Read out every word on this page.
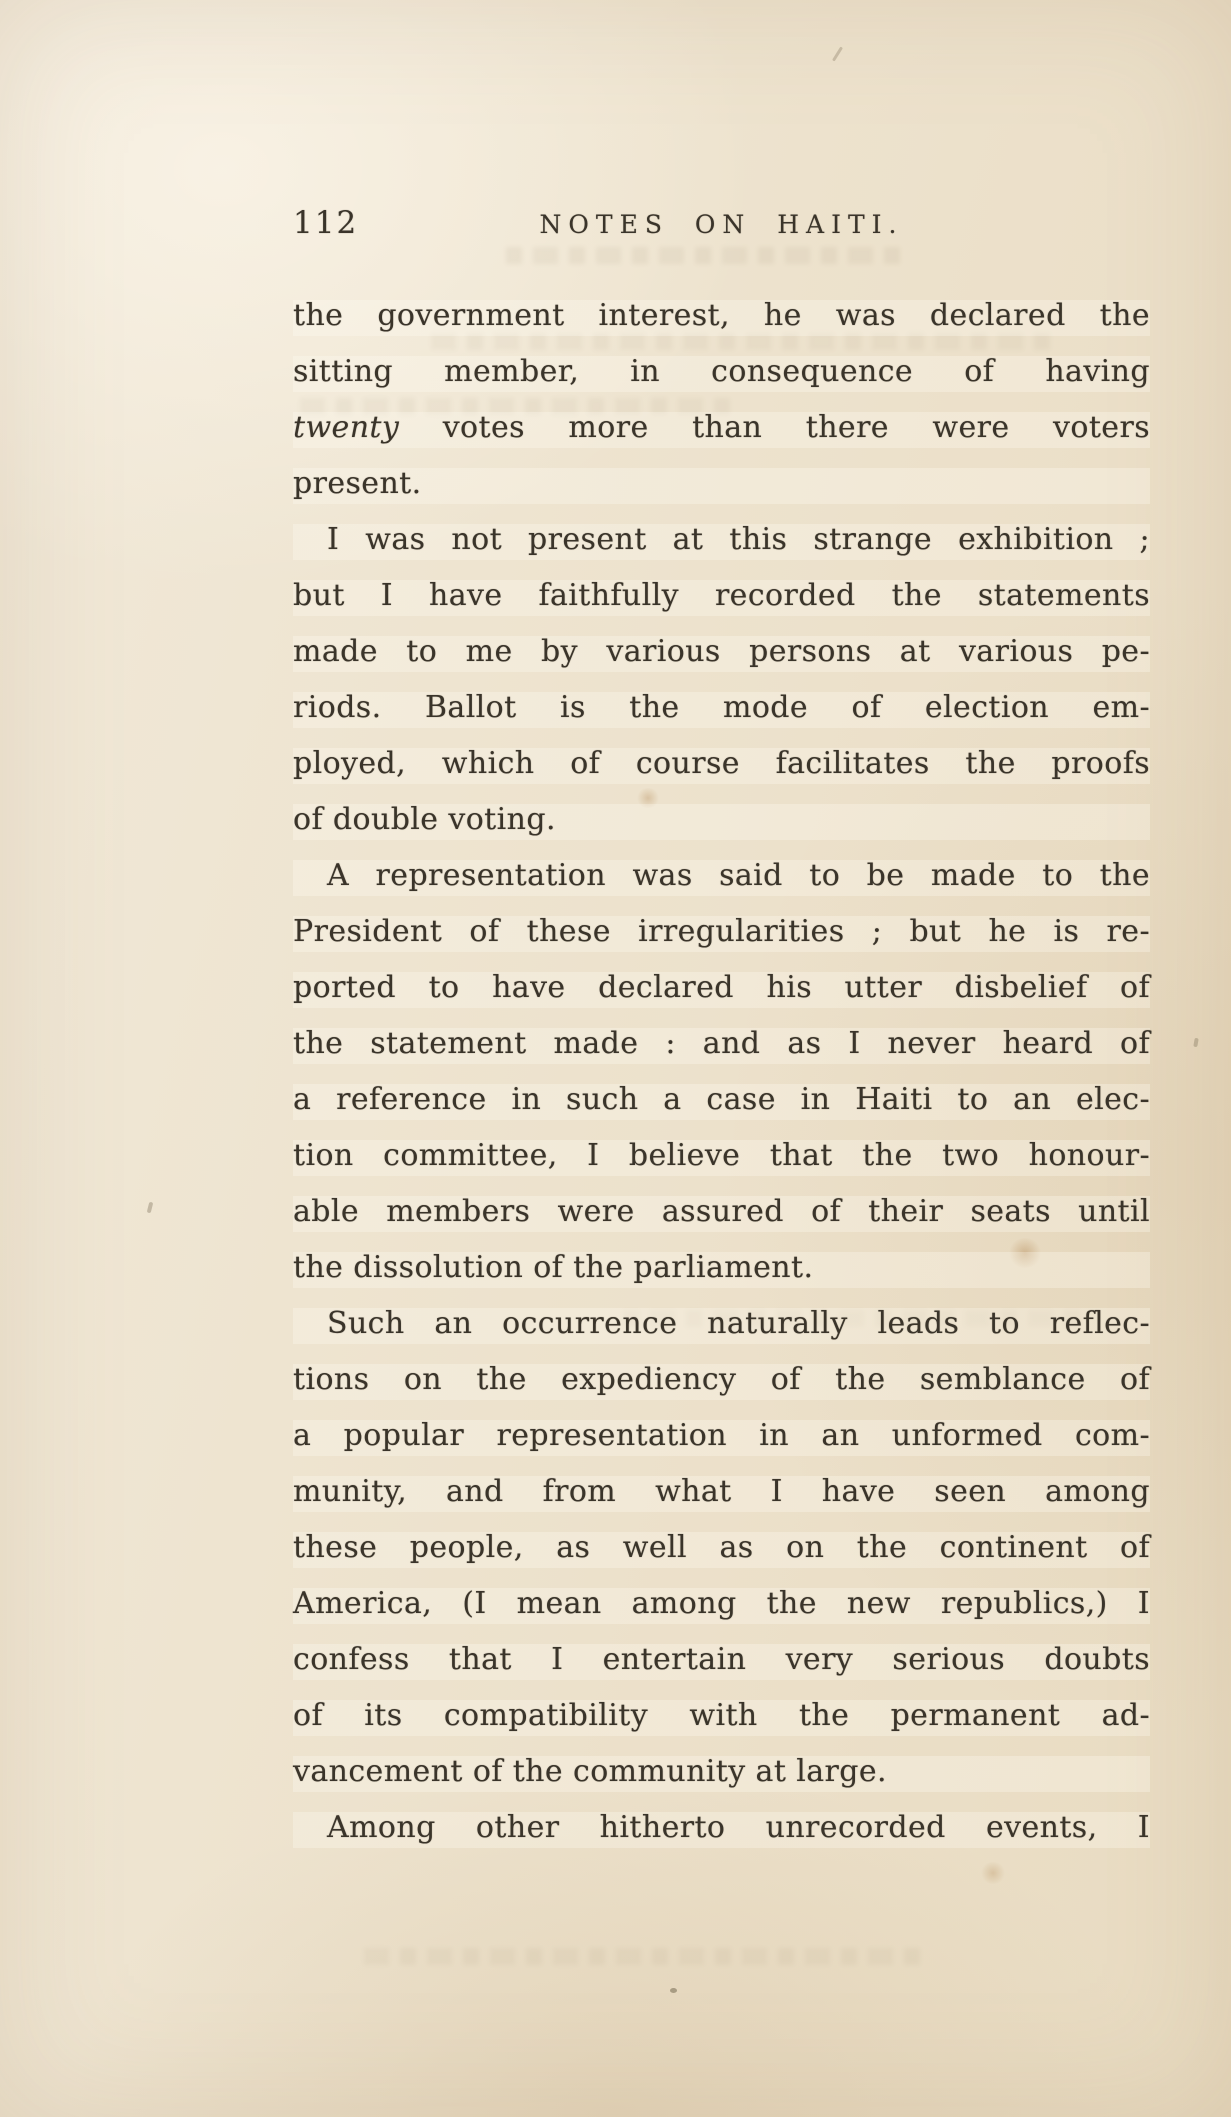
112	NOTES ON HAITI.
the government interest, he was declared the
sitting member, in consequence of having
twenty votes more than there were voters
present.
I was not present at this strange exhibition ;
but I have faithfully recorded the statements
made to me by various persons at various pe-
riods. Ballot is the mode of election em-
ployed, which of course facilitates the proofs
of double voting.
A representation was said to be made to the
President of these irregularities ; but he is re-
ported to have declared his utter disbelief of
the statement made : and as I never heard of
a reference in such a case in Haiti to an elec-
tion committee, I believe that the two honour-
able members were assured of their seats until
the dissolution of the parliament.
Such an occurrence naturally leads to reflec-
tions on the expediency of the semblance of
a popular representation in an unformed com-
munity, and from what I have seen among
these people, as well as on the continent of
America, (I mean among the new republics,) I
confess that I entertain very serious doubts
of its compatibility with the permanent ad-
vancement of the community at large.
Among other hitherto unrecorded events, I
